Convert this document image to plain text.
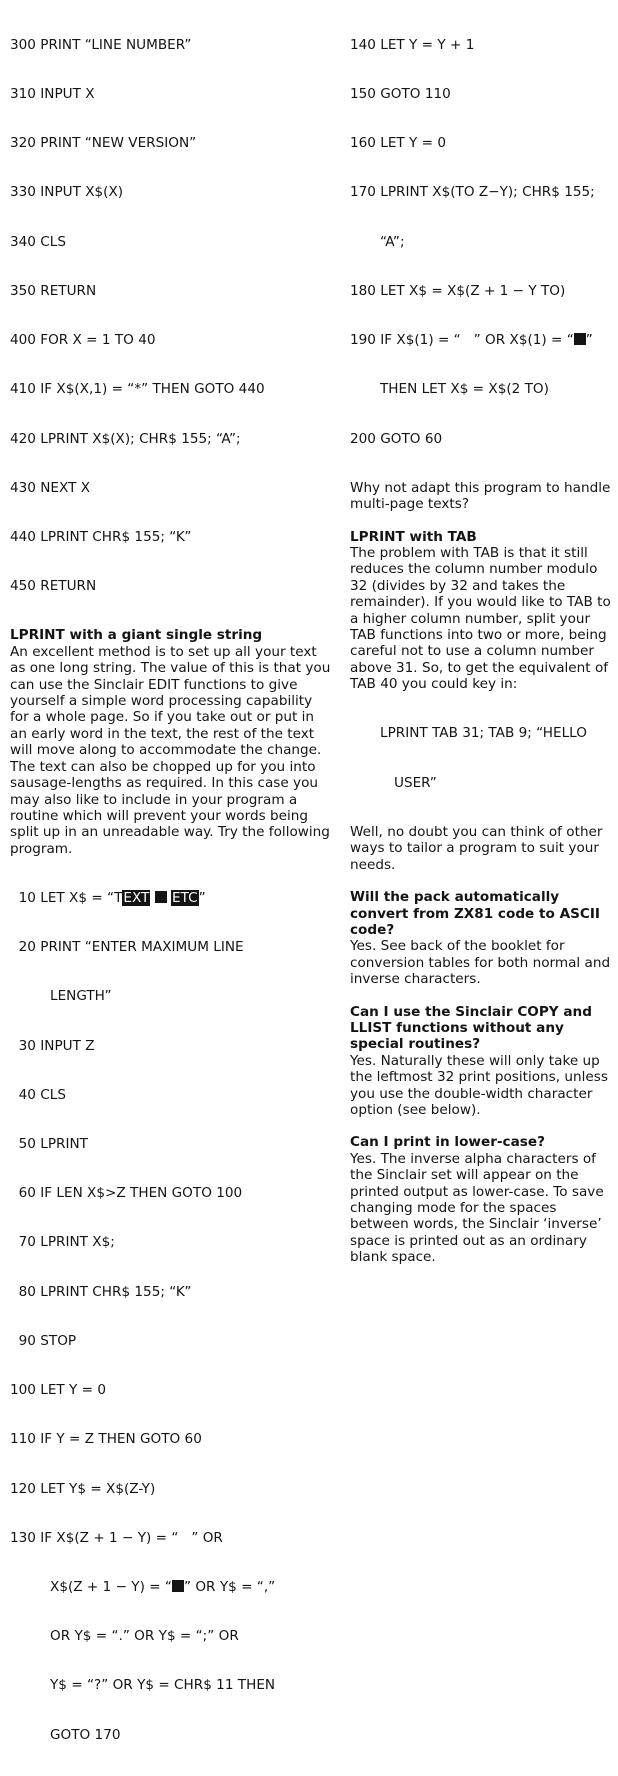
300 PRINT “LINE NUMBER”

310 INPUT X

320 PRINT “NEW VERSION”

330 INPUT X$(X)

340 CLS

350 RETURN

400 FOR X = 1 TO 40

410 IF X$(X,1) = “*” THEN GOTO 440

420 LPRINT X$(X); CHR$ 155; “A”;

430 NEXT X

440 LPRINT CHR$ 155; “K”

450 RETURN

LPRINT with a giant single string

An excellent method is to set up all your text as one long string. The value of this is that you can use the Sinclair EDIT functions to give yourself a simple word processing capability for a whole page. So if you take out or put in an early word in the text, the rest of the text will move along to accommodate the change. The text can also be chopped up for you into sausage-lengths as required. In this case you may also like to include in your program a routine which will prevent your words being split up in an unreadable way. Try the following program.

10 LET X$ = “TEXT ETC”

20 PRINT “ENTER MAXIMUM LINE

LENGTH”

30 INPUT Z

40 CLS

50 LPRINT

60 IF LEN X$>Z THEN GOTO 100

70 LPRINT X$;

80 LPRINT CHR$ 155; “K”

90 STOP

100 LET Y = 0

110 IF Y = Z THEN GOTO 60

120 LET Y$ = X$(Z-Y)

130 IF X$(Z + 1 − Y) = “   ” OR

X$(Z + 1 − Y) = “ ” OR Y$ = “,”

OR Y$ = “.” OR Y$ = “;” OR

Y$ = “?” OR Y$ = CHR$ 11 THEN

GOTO 170

140 LET Y = Y + 1

150 GOTO 110

160 LET Y = 0

170 LPRINT X$(TO Z−Y); CHR$ 155;

“A”;

180 LET X$ = X$(Z + 1 − Y TO)

190 IF X$(1) = “   ” OR X$(1) = “ ”

THEN LET X$ = X$(2 TO)

200 GOTO 60

Why not adapt this program to handle multi-page texts?

LPRINT with TAB

The problem with TAB is that it still reduces the column number modulo 32 (divides by 32 and takes the remainder). If you would like to TAB to a higher column number, split your TAB functions into two or more, being careful not to use a column number above 31. So, to get the equivalent of TAB 40 you could key in:

LPRINT TAB 31; TAB 9; “HELLO

USER”

Well, no doubt you can think of other ways to tailor a program to suit your needs.

Will the pack automatically convert from ZX81 code to ASCII code?

Yes. See back of the booklet for conversion tables for both normal and inverse characters.

Can I use the Sinclair COPY and LLIST functions without any special routines?

Yes. Naturally these will only take up the leftmost 32 print positions, unless you use the double-width character option (see below).

Can I print in lower-case?

Yes. The inverse alpha characters of the Sinclair set will appear on the printed output as lower-case. To save changing mode for the spaces between words, the Sinclair ‘inverse’ space is printed out as an ordinary blank space.
